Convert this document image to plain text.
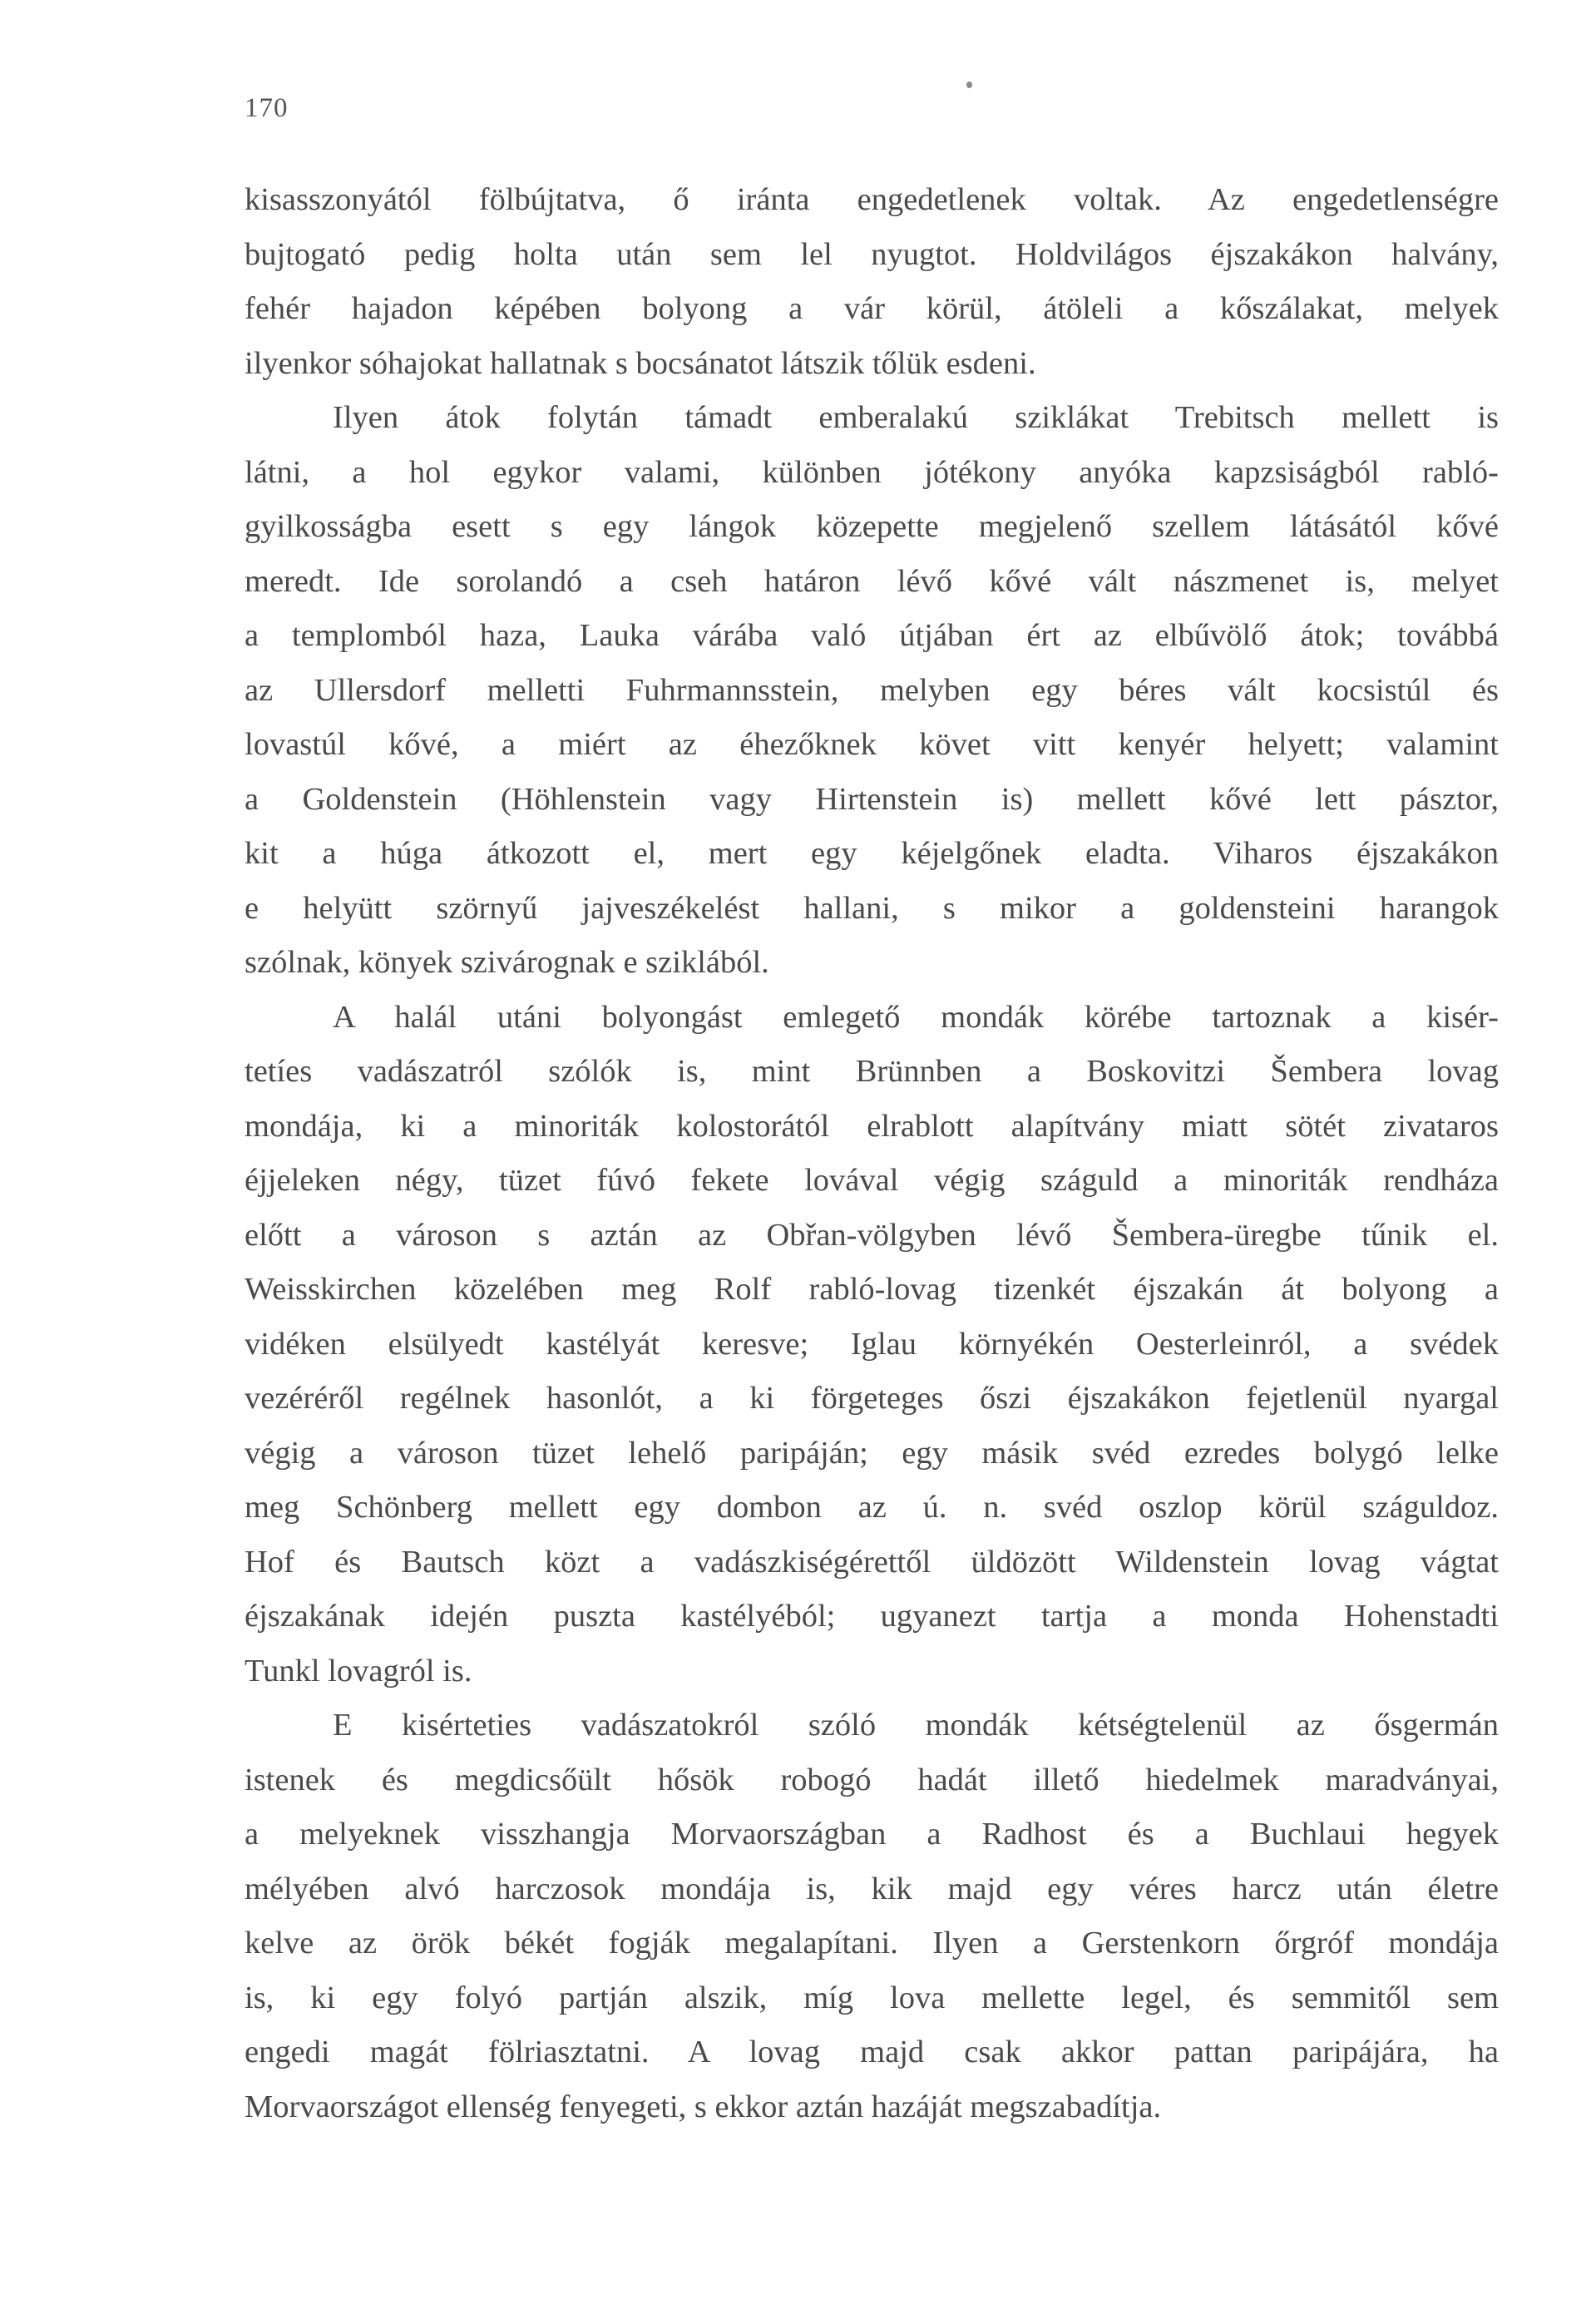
170
kisasszonyától fölbújtatva, ő iránta engedetlenek voltak. Az engedetlenségre
bujtogató pedig holta után sem lel nyugtot. Holdvilágos éjszakákon halvány,
fehér hajadon képében bolyong a vár körül, átöleli a kőszálakat, melyek
ilyenkor sóhajokat hallatnak s bocsánatot látszik tőlük esdeni.
Ilyen átok folytán támadt emberalakú sziklákat Trebitsch mellett is
látni, a hol egykor valami, különben jótékony anyóka kapzsiságból rabló-
gyilkosságba esett s egy lángok közepette megjelenő szellem látásától kővé
meredt. Ide sorolandó a cseh határon lévő kővé vált nászmenet is, melyet
a templomból haza, Lauka várába való útjában ért az elbűvölő átok; továbbá
az Ullersdorf melletti Fuhrmannsstein, melyben egy béres vált kocsistúl és
lovastúl kővé, a miért az éhezőknek követ vitt kenyér helyett; valamint
a Goldenstein (Höhlenstein vagy Hirtenstein is) mellett kővé lett pásztor,
kit a húga átkozott el, mert egy kéjelgőnek eladta. Viharos éjszakákon
e helyütt szörnyű jajveszékelést hallani, s mikor a goldensteini harangok
szólnak, könyek szivárognak e sziklából.
A halál utáni bolyongást emlegető mondák körébe tartoznak a kisér-
tetíes vadászatról szólók is, mint Brünnben a Boskovitzi Šembera lovag
mondája, ki a minoriták kolostorától elrablott alapítvány miatt sötét zivataros
éjjeleken négy, tüzet fúvó fekete lovával végig száguld a minoriták rendháza
előtt a városon s aztán az Obřan-völgyben lévő Šembera-üregbe tűnik el.
Weisskirchen közelében meg Rolf rabló-lovag tizenkét éjszakán át bolyong a
vidéken elsülyedt kastélyát keresve; Iglau környékén Oesterleinról, a svédek
vezéréről regélnek hasonlót, a ki förgeteges őszi éjszakákon fejetlenül nyargal
végig a városon tüzet lehelő paripáján; egy másik svéd ezredes bolygó lelke
meg Schönberg mellett egy dombon az ú. n. svéd oszlop körül száguldoz.
Hof és Bautsch közt a vadászkiségérettől üldözött Wildenstein lovag vágtat
éjszakának idején puszta kastélyéból; ugyanezt tartja a monda Hohenstadti
Tunkl lovagról is.
E kisérteties vadászatokról szóló mondák kétségtelenül az ősgermán
istenek és megdicsőült hősök robogó hadát illető hiedelmek maradványai,
a melyeknek visszhangja Morvaországban a Radhost és a Buchlaui hegyek
mélyében alvó harczosok mondája is, kik majd egy véres harcz után életre
kelve az örök békét fogják megalapítani. Ilyen a Gerstenkorn őrgróf mondája
is, ki egy folyó partján alszik, míg lova mellette legel, és semmitől sem
engedi magát fölriasztatni. A lovag majd csak akkor pattan paripájára, ha
Morvaországot ellenség fenyegeti, s ekkor aztán hazáját megszabadítja.
